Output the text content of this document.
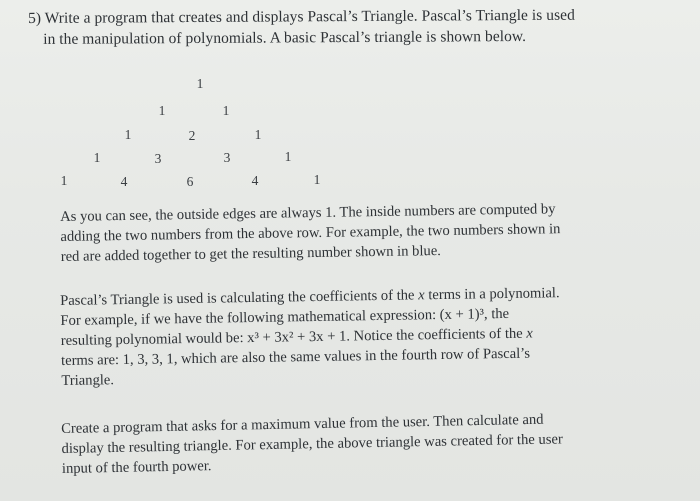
5) Write a program that creates and displays Pascal’s Triangle. Pascal’s Triangle is used
in the manipulation of polynomials. A basic Pascal’s triangle is shown below.
1
1	1
1	2	1
1	3	3	1
1	4	6	4	1
As you can see, the outside edges are always 1. The inside numbers are computed by
adding the two numbers from the above row. For example, the two numbers shown in
red are added together to get the resulting number shown in blue.
Pascal’s Triangle is used is calculating the coefficients of the x terms in a polynomial.
For example, if we have the following mathematical expression: (x + 1)³, the
resulting polynomial would be: x³ + 3x² + 3x + 1. Notice the coefficients of the x
terms are: 1, 3, 3, 1, which are also the same values in the fourth row of Pascal’s
Triangle.
Create a program that asks for a maximum value from the user. Then calculate and
display the resulting triangle. For example, the above triangle was created for the user
input of the fourth power.
